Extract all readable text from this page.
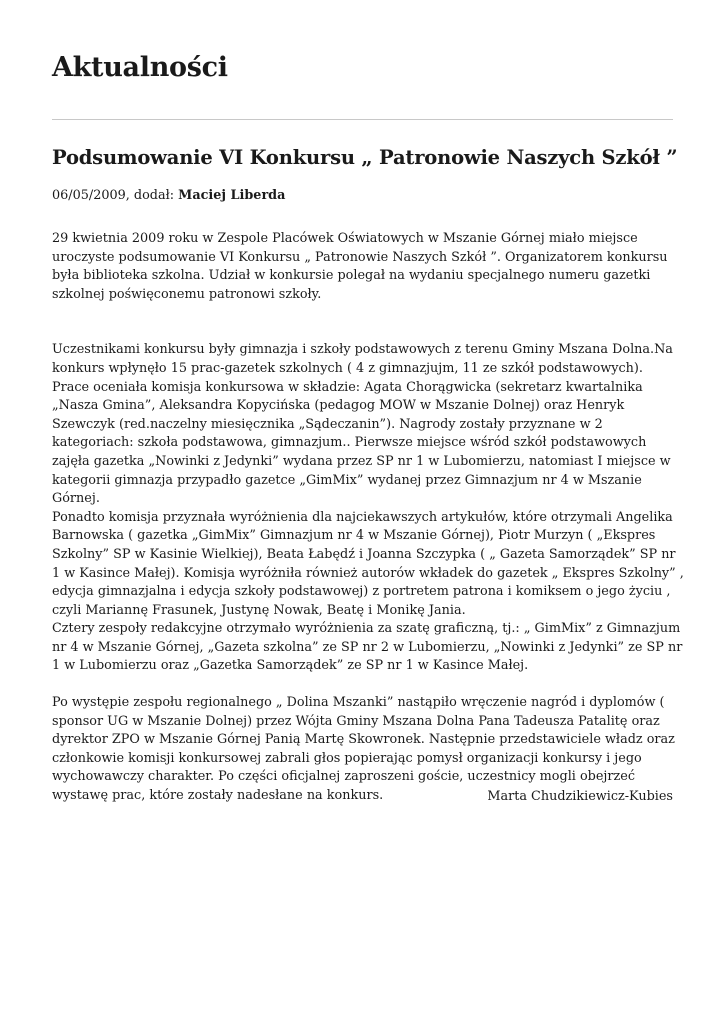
Aktualności
Podsumowanie VI Konkursu „ Patronowie Naszych Szkół ”
06/05/2009, dodał: Maciej Liberda

29 kwietnia 2009 roku w Zespole Placówek Oświatowych w Mszanie Górnej miało miejsce uroczyste podsumowanie VI Konkursu „ Patronowie Naszych Szkół ”. Organizatorem konkursu była biblioteka szkolna. Udział w konkursie polegał na wydaniu specjalnego numeru gazetki szkolnej poświęconemu patronowi szkoły.

Uczestnikami konkursu były gimnazja i szkoły podstawowych z terenu Gminy Mszana Dolna.Na konkurs wpłynęło 15 prac-gazetek szkolnych ( 4 z gimnazjujm, 11 ze szkół podstawowych). Prace oceniała komisja konkursowa w składzie: Agata Chorągwicka (sekretarz kwartalnika „Nasza Gmina”, Aleksandra Kopycińska (pedagog MOW w Mszanie Dolnej) oraz Henryk Szewczyk (red.naczelny miesięcznika „Sądeczanin”). Nagrody zostały przyznane w 2 kategoriach: szkoła podstawowa, gimnazjum.. Pierwsze miejsce wśród szkół podstawowych zajęła gazetka „Nowinki z Jedynki” wydana przez SP nr 1 w Lubomierzu, natomiast I miejsce w kategorii gimnazja przypadło gazetce „GimMix” wydanej przez Gimnazjum nr 4 w Mszanie Górnej.

Ponadto komisja przyznała wyróżnienia dla najciekawszych artykułów, które otrzymali Angelika Barnowska ( gazetka „GimMix” Gimnazjum nr 4 w Mszanie Górnej), Piotr Murzyn ( „Ekspres Szkolny” SP w Kasinie Wielkiej), Beata Łabędź i Joanna Szczypka ( „ Gazeta Samorządek” SP nr 1 w Kasince Małej). Komisja wyróżniła również autorów wkładek do gazetek „ Ekspres Szkolny” , edycja gimnazjalna i edycja szkoły podstawowej) z portretem patrona i komiksem o jego życiu , czyli Mariannę Frasunek, Justynę Nowak, Beatę i Monikę Jania.

Cztery zespoły redakcyjne otrzymało wyróżnienia za szatę graficzną, tj.: „ GimMix” z Gimnazjum nr 4 w Mszanie Górnej, „Gazeta szkolna” ze SP nr 2 w Lubomierzu, „Nowinki z Jedynki” ze SP nr 1 w Lubomierzu oraz „Gazetka Samorządek” ze SP nr 1 w Kasince Małej.

Po występie zespołu regionalnego „ Dolina Mszanki” nastąpiło wręczenie nagród i dyplomów ( sponsor UG w Mszanie Dolnej) przez Wójta Gminy Mszana Dolna Pana Tadeusza Patalitę oraz dyrektor ZPO w Mszanie Górnej Panią Martę Skowronek. Następnie przedstawiciele władz oraz członkowie komisji konkursowej zabrali głos popierając pomysł organizacji konkursy i jego wychowawczy charakter. Po części oficjalnej zaproszeni goście, uczestnicy mogli obejrzeć wystawę prac, które zostały nadesłane na konkurs.	Marta Chudzikiewicz-Kubies
